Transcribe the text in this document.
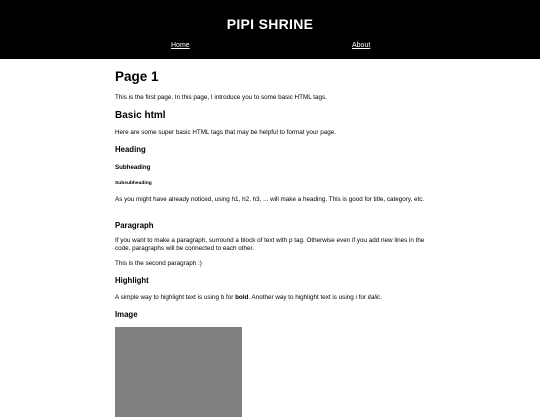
PIPI SHRINE
Home	About
Page 1

This is the first page. In this page, I introduce you to some basic HTML tags.

Basic html

Here are some super basic HTML tags that may be helpful to format your page.

Heading
Subheading
Subsubheading

As you might have already noticed, using h1, h2, h3, ... will make a heading. This is good for title, category, etc.

Paragraph

If you want to make a paragraph, surround a block of text with p tag. Otherwise even if you add new lines in the code, paragraphs will be connected to each other.

This is the second paragraph :)

Highlight

A simple way to highlight text is using b for bold. Another way to highlight text is using i for italic.

Image
